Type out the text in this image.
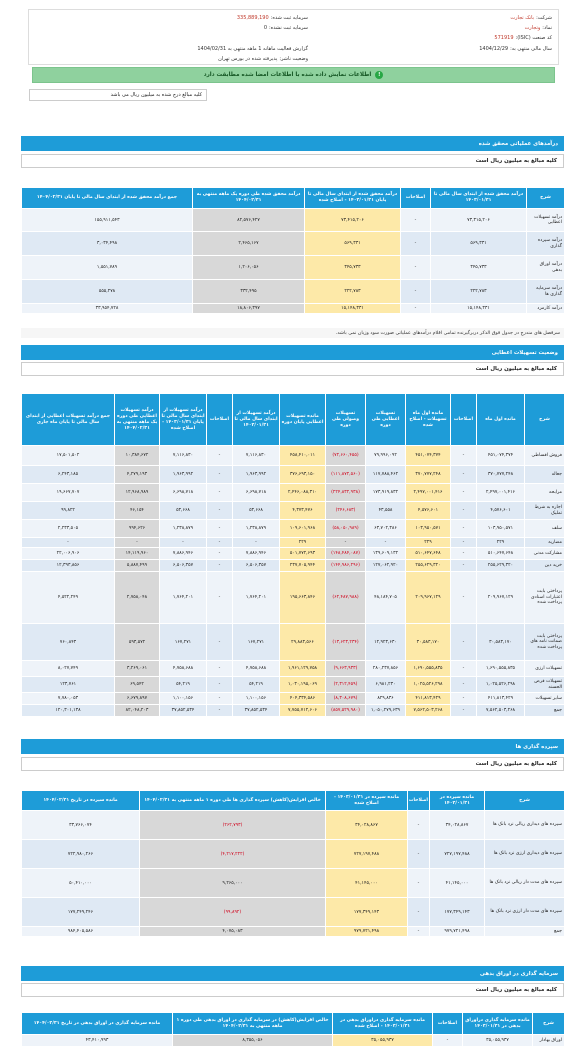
شرکت:
بانک تجارت
نماد:
وتجارت
کد صنعت (ISIC):
571919
سال مالی منتهی به:
1404/12/29
سرمایه ثبت شده:
335,889,190
سرمایه ثبت نشده:
0
گزارش فعالیت ماهانه 1 ماهه منتهی به 1404/02/31
وضعیت ناشر:
پذیرفته شده در بورس تهران
!
اطلاعات نمایش داده شده با اطلاعات امضا شده مطابقت دارد
کلیه مبالغ درج شده به میلیون ریال می باشد
درآمدهای عملیاتی محقق شده
کلیه مبالغ به میلیون ریال است
شرح	درآمد محقق شده از ابتدای سال مالی تا ۱۴۰۳/۰۱/۳۱	اصلاحات	درآمد محقق شده از ابتدای سال مالی تا پایان ۱۴۰۳/۰۱/۳۱ - اصلاح شده	درآمد محقق شده طی دوره یک ماهه منتهی به ۱۴۰۴/۰۲/۳۱	جمع درآمد محقق شده از ابتدای سال مالی تا پایان ۱۴۰۴/۰۲/۳۱
درآمد تسهیلات اعطایی	۷۳,۳۱۵,۲۰۶	-	۷۳,۴۱۵,۲۰۶	۸۲,۵۷۶,۴۲۷	۱۵۵,۹۱۱,۵۴۳
درآمد سپرده گذاری	۵۶۹,۳۳۱	-	۵۶۹,۳۳۱	۲,۴۶۵,۱۶۷	۳,۰۳۴,۴۹۸
درآمد اوراق بدهی	۳۴۵,۷۳۳	-	۳۴۵,۷۳۳	۱,۲۰۶,۰۵۶	۱,۵۵۱,۷۸۹
درآمد سرمایه گذاری ها	۲۲۲,۷۸۳	-	۲۲۲,۷۸۳	۳۳۲,۴۹۵	۵۵۵,۲۷۸
درآمد کارمزد	۱۵,۱۴۸,۳۳۱	-	۱۵,۱۴۸,۳۳۱	۱۸,۸۰۶,۳۹۷	۳۳,۹۵۴,۷۲۸
سرفصل های مندرج در جدول فوق الذکر دربرگیرنده تمامی اقلام درآمدهای عملیاتی صورت سود وزیان نمی باشد.
وضعیت تسهیلات اعطایی
کلیه مبالغ به میلیون ریال است
شرح	مانده اول ماه	اصلاحات	مانده اول ماه تسهیلات - اصلاح شده	تسهیلات اعطایی طی دوره	تسهیلات وصولی طی دوره	مانده تسهیلات اعطایی پایان دوره	درآمد تسهیلات از ابتدای سال مالی تا ۱۴۰۳/۰۱/۳۱	اصلاحات	درآمد تسهیلات از ابتدای سال مالی تا پایان ۱۴۰۳/۰۱/۳۱ - اصلاح شده	درآمد تسهیلات اعطایی طی دوره یک ماهه منتهی به ۱۴۰۴/۰۲/۳۱	جمع درآمد تسهیلات اعطایی از ابتدای سال مالی تا پایان ماه جاری
فروش اقساطی	۴۵۱,۰۷۴,۳۷۴	-	۴۵۱,۰۷۴,۳۷۴	۷۹,۹۹۶,۰۹۲	(۷۲,۶۶۰,۴۵۵)	۴۵۸,۴۱۰,۰۱۱	۷,۱۱۶,۸۳۰	-	۷,۱۱۶,۸۳۰	۱۰,۳۸۴,۶۷۲	۱۷,۵۰۱,۵۰۲
جعاله	۳۷۰,۷۷۷,۲۴۸	-	۳۷۰,۷۷۷,۲۴۸	۱۱۷,۷۸۸,۴۶۲	(۱۱۱,۸۷۲,۵۶۰)	۳۷۶,۶۹۳,۱۵۰	۱,۹۶۳,۹۹۲	-	۱,۹۶۳,۹۹۲	۴,۲۷۹,۱۹۳	۶,۲۴۳,۱۸۵
مرابحه	۲,۴۹۷,۰۰۱,۴۱۶	-	۲,۴۹۷,۰۰۱,۴۱۶	۱۷۳,۹۱۹,۸۳۲	(۲۲۴,۸۳۲,۹۳۸)	۲,۴۴۶,۰۸۸,۳۱۰	۶,۶۹۸,۷۱۸	-	۶,۶۹۸,۷۱۸	۱۲,۹۶۸,۹۸۹	۱۹,۶۶۷,۷۰۷
اجاره به شرط تملیک	۴,۵۷۶,۶۰۱	-	۴,۵۷۶,۶۰۱	۴۳,۵۵۸	(۲۴۶,۶۸۳)	۴,۳۷۳,۴۷۶	۵۳,۶۶۸	-	۵۳,۶۶۸	۴۶,۱۵۴	۹۹,۸۲۲
سلف	۱۰۳,۹۵۰,۵۷۱	-	۱۰۳,۹۵۰,۵۷۱	۶۳,۷۰۲,۳۸۶	(۵۸,۰۵۰,۹۸۹)	۱۰۹,۶۰۱,۹۶۸	۱,۲۳۸,۸۷۹	-	۱,۲۳۸,۸۷۹	۹۹۴,۶۲۶	۲,۲۳۳,۵۰۵
مضاربه	۲۲۹	-	۲۲۹	-	-	۲۲۹	-	-	-	-	-
مشارکت مدنی	۵۱۰,۶۴۷,۶۴۸	-	۵۱۰,۶۴۷,۶۴۸	۱۳۹,۶۰۹,۱۳۲	(۱۴۸,۴۸۴,۰۸۷)	۵۰۱,۷۷۲,۶۹۳	۷,۸۸۶,۹۴۶	-	۷,۸۸۶,۹۴۶	۱۴,۱۱۹,۹۶۰	۲۲,۰۰۶,۹۰۶
خرید دین	۲۵۵,۶۲۹,۳۲۰	-	۲۵۵,۶۲۹,۳۲۰	۱۲۷,۰۶۲,۹۲۰	(۱۴۴,۹۸۶,۲۹۶)	۲۳۷,۷۰۵,۹۴۴	۶,۵۰۶,۳۵۷	-	۶,۵۰۶,۳۵۷	۵,۸۸۷,۴۹۹	۱۲,۳۹۳,۸۵۶
پرداختی بابت اعتبارات اسنادی پرداخت شده	۲۰۹,۹۶۷,۱۲۹	-	۲۰۹,۹۶۷,۱۲۹	۴۸,۱۸۴,۷۰۵	(۶۲,۴۸۷,۹۸۸)	۱۹۵,۶۶۳,۸۴۶	۱,۷۶۴,۲۰۱	-	۱,۷۶۴,۲۰۱	۲,۷۵۸,۰۴۸	۴,۵۲۲,۲۴۹
پرداختی بابت ضمانت نامه های پرداخت شده	۳۰,۵۸۳,۱۷۰	-	۳۰,۵۸۳,۱۷۰	۱۲,۹۲۳,۶۳۰	(۱۳,۶۲۳,۲۳۴)	۲۹,۸۸۳,۵۶۶	۱۶۷,۲۷۱	-	۱۶۷,۲۷۱	۵۹۳,۵۷۲	۷۶۰,۸۴۳
تسهیلات ارزی	۱,۶۹۰,۵۵۵,۸۳۵	-	۱,۶۹۰,۵۵۵,۸۳۵	۲۸۰,۲۳۷,۸۵۶	(۹,۶۶۳,۹۳۳)	۱,۹۶۱,۱۲۹,۷۵۸	۴,۷۵۸,۶۸۸	-	۴,۷۵۸,۶۸۸	۳,۲۶۹,۰۶۱	۸,۰۲۷,۷۴۹
تسهیلات قرض الحسنه	۱,۰۲۵,۵۲۶,۲۹۸	-	۱,۰۲۵,۵۲۶,۲۹۸	۶,۹۸۱,۲۳۰	(۲,۳۱۲,۴۵۹)	۱,۰۳۰,۱۹۵,۰۶۹	۵۴,۲۱۹	-	۵۴,۲۱۹	۶۹,۵۴۲	۱۲۳,۷۶۱
سایر تسهیلات	۴۱۱,۸۱۳,۴۲۹	-	۴۱۱,۸۱۳,۴۲۹	۸۲۹,۸۳۶	(۸,۳۰۸,۶۷۹)	۴۰۴,۳۳۴,۵۸۶	۱,۱۰۰,۱۵۶	-	۱,۱۰۰,۱۵۶	۶,۶۷۹,۸۹۷	۷,۷۸۰,۰۵۳
جمع	۷,۵۶۲,۵۰۳,۲۶۸	-	۷,۵۶۲,۵۰۳,۲۶۸	۱,۰۵۰,۲۷۹,۶۳۹	(۸۵۷,۵۲۹,۹۸۰)	۷,۷۵۵,۷۱۲,۶۰۶	۳۷,۸۵۲,۵۳۴	-	۳۷,۸۵۲,۵۳۴	۸۲,۰۴۸,۲۰۳	۱۲۰,۳۰۱,۱۳۸
سپرده گذاری ها
کلیه مبالغ به میلیون ریال است
شرح	مانده سپرده در ۱۴۰۳/۰۱/۳۱	اصلاحات	مانده سپرده در ۱۴۰۳/۰۱/۳۱ - اصلاح شده	خالص افزایش(کاهش) سپرده گذاری ها طی دوره ۱ ماهه منتهی به ۱۴۰۴/۰۲/۳۱	مانده سپرده در تاریخ ۱۴۰۴/۰۲/۳۱
سپرده های دیداری ریالی نزد بانک ها	۳۴,۰۲۸,۸۶۷	-	۳۴,۰۲۸,۸۶۷	(۲۶۲,۷۹۳)	۳۳,۷۶۶,۰۷۴
سپرده های دیداری ارزی نزد بانک ها	۷۲۷,۱۹۷,۴۸۸	-	۷۲۷,۱۹۷,۴۸۸	(۴,۲۱۷,۲۲۲)	۷۲۲,۹۸۰,۲۶۶
سپرده های مدت دار ریالی نزد بانک ها	۴۱,۱۴۵,۰۰۰	-	۴۱,۱۴۵,۰۰۰	۹,۲۶۵,۰۰۰	۵۰,۴۱۰,۰۰۰
سپرده های مدت دار ارزی نزد بانک ها	۱۷۷,۳۴۹,۱۴۳	-	۱۷۷,۳۴۹,۱۴۳	(۹۹,۸۹۲)	۱۷۷,۲۴۹,۲۴۶
جمع	۹۷۹,۷۲۱,۴۹۸	-	۹۷۹,۷۲۱,۴۹۸	۴,۰۷۵,۰۸۳	۹۸۴,۴۰۵,۵۸۶
سرمایه گذاری در اوراق بدهی
کلیه مبالغ به میلیون ریال است
شرح	مانده سرمایه گذاری دراوراق بدهی در ۱۴۰۳/۰۱/۳۱	اصلاحات	مانده سرمایه گذاری دراوراق بدهی در ۱۴۰۳/۰۱/۳۱ - اصلاح شده	خالص افزایش(کاهش) در سرمایه گذاری در اوراق بدهی طی دوره ۱ ماهه منتهی به ۱۴۰۴/۰۲/۳۱	مانده سرمایه گذاری در اوراق بدهی در تاریخ ۱۴۰۴/۰۲/۳۱
اوراق بهادار	۳۵,۰۵۵,۹۳۷	-	۳۵,۰۵۵,۹۳۷	۸,۳۵۵,۰۵۶	۴۳,۴۱۰,۹۹۳
